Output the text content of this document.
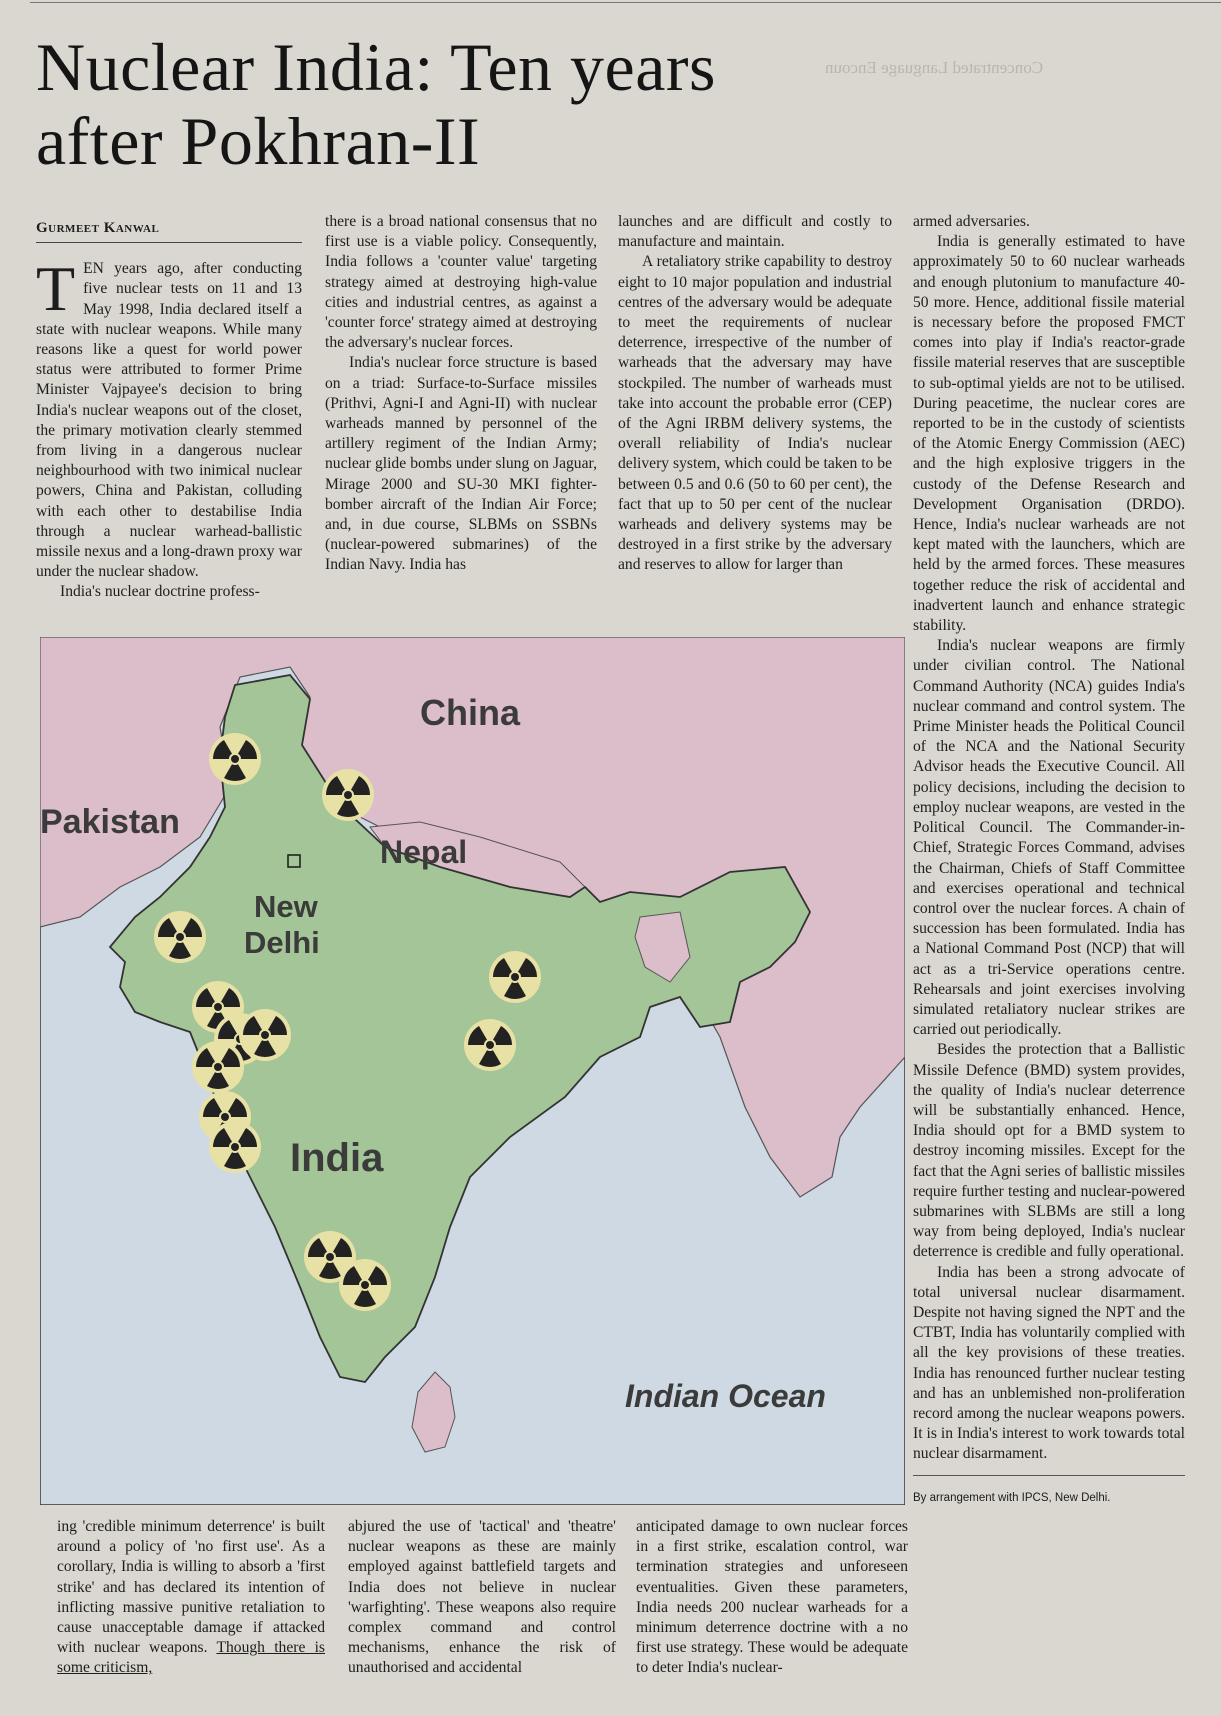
Nuclear India: Ten years
after Pokhran-II
Concentrated Language Encoun
Gurmeet Kanwal

TEN years ago, after conducting five nuclear tests on 11 and 13 May 1998, India declared itself a state with nuclear weapons. While many reasons like a quest for world power status were attributed to former Prime Minister Vajpayee's decision to bring India's nuclear weapons out of the closet, the primary motivation clearly stemmed from living in a dangerous nuclear neighbourhood with two inimical nuclear powers, China and Pakistan, colluding with each other to destabilise India through a nuclear warhead-ballistic missile nexus and a long-drawn proxy war under the nuclear shadow.

India's nuclear doctrine profess-

there is a broad national consensus that no first use is a viable policy. Consequently, India follows a 'counter value' targeting strategy aimed at destroying high-value cities and industrial centres, as against a 'counter force' strategy aimed at destroying the adversary's nuclear forces.

India's nuclear force structure is based on a triad: Surface-to-Surface missiles (Prithvi, Agni-I and Agni-II) with nuclear warheads manned by personnel of the artillery regiment of the Indian Army; nuclear glide bombs under slung on Jaguar, Mirage 2000 and SU-30 MKI fighter-bomber aircraft of the Indian Air Force; and, in due course, SLBMs on SSBNs (nuclear-powered submarines) of the Indian Navy. India has

launches and are difficult and costly to manufacture and maintain.

A retaliatory strike capability to destroy eight to 10 major population and industrial centres of the adversary would be adequate to meet the requirements of nuclear deterrence, irrespective of the number of warheads that the adversary may have stockpiled. The number of warheads must take into account the probable error (CEP) of the Agni IRBM delivery systems, the overall reliability of India's nuclear delivery system, which could be taken to be between 0.5 and 0.6 (50 to 60 per cent), the fact that up to 50 per cent of the nuclear warheads and delivery systems may be destroyed in a first strike by the adversary and reserves to allow for larger than

armed adversaries.

India is generally estimated to have approximately 50 to 60 nuclear warheads and enough plutonium to manufacture 40-50 more. Hence, additional fissile material is necessary before the proposed FMCT comes into play if India's reactor-grade fissile material reserves that are susceptible to sub-optimal yields are not to be utilised. During peacetime, the nuclear cores are reported to be in the custody of scientists of the Atomic Energy Commission (AEC) and the high explosive triggers in the custody of the Defense Research and Development Organisation (DRDO). Hence, India's nuclear warheads are not kept mated with the launchers, which are held by the armed forces. These measures together reduce the risk of accidental and inadvertent launch and enhance strategic stability.

India's nuclear weapons are firmly under civilian control. The National Command Authority (NCA) guides India's nuclear command and control system. The Prime Minister heads the Political Council of the NCA and the National Security Advisor heads the Executive Council. All policy decisions, including the decision to employ nuclear weapons, are vested in the Political Council. The Commander-in-Chief, Strategic Forces Command, advises the Chairman, Chiefs of Staff Committee and exercises operational and technical control over the nuclear forces. A chain of succession has been formulated. India has a National Command Post (NCP) that will act as a tri-Service operations centre. Rehearsals and joint exercises involving simulated retaliatory nuclear strikes are carried out periodically.

Besides the protection that a Ballistic Missile Defence (BMD) system provides, the quality of India's nuclear deterrence will be substantially enhanced. Hence, India should opt for a BMD system to destroy incoming missiles. Except for the fact that the Agni series of ballistic missiles require further testing and nuclear-powered submarines with SLBMs are still a long way from being deployed, India's nuclear deterrence is credible and fully operational.

India has been a strong advocate of total universal nuclear disarmament. Despite not having signed the NPT and the CTBT, India has voluntarily complied with all the key provisions of these treaties. India has renounced further nuclear testing and has an unblemished non-proliferation record among the nuclear weapons powers. It is in India's interest to work towards total nuclear disarmament.

By arrangement with IPCS, New Delhi.
China
Pakistan
Nepal
New
Delhi
India
Indian Ocean

ing 'credible minimum deterrence' is built around a policy of 'no first use'. As a corollary, India is willing to absorb a 'first strike' and has declared its intention of inflicting massive punitive retaliation to cause unacceptable damage if attacked with nuclear weapons. Though there is some criticism,

abjured the use of 'tactical' and 'theatre' nuclear weapons as these are mainly employed against battlefield targets and India does not believe in nuclear 'warfighting'. These weapons also require complex command and control mechanisms, enhance the risk of unauthorised and accidental

anticipated damage to own nuclear forces in a first strike, escalation control, war termination strategies and unforeseen eventualities. Given these parameters, India needs 200 nuclear warheads for a minimum deterrence doctrine with a no first use strategy. These would be adequate to deter India's nuclear-
